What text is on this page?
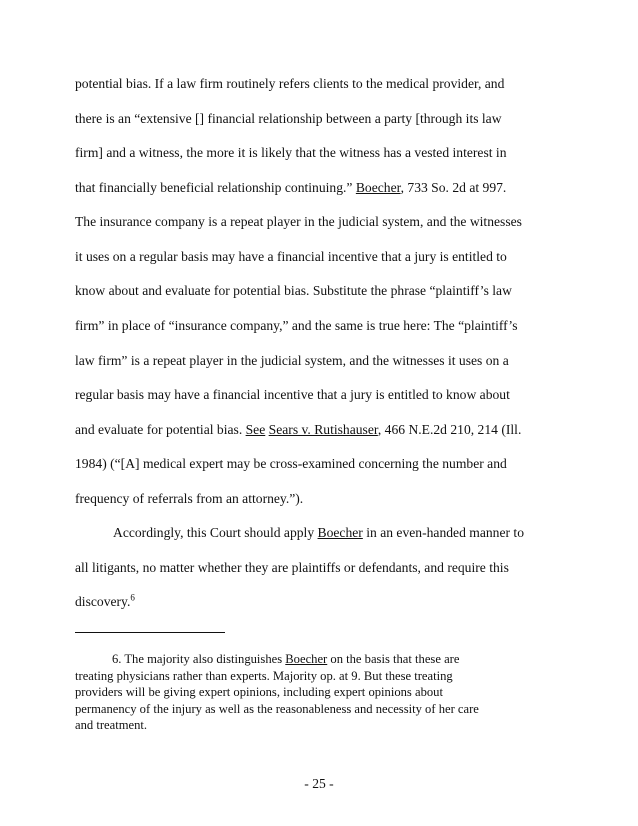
potential bias. If a law firm routinely refers clients to the medical provider, and

there is an “extensive [] financial relationship between a party [through its law

firm] and a witness, the more it is likely that the witness has a vested interest in

that financially beneficial relationship continuing.” Boecher, 733 So. 2d at 997.

The insurance company is a repeat player in the judicial system, and the witnesses

it uses on a regular basis may have a financial incentive that a jury is entitled to

know about and evaluate for potential bias. Substitute the phrase “plaintiff’s law

firm” in place of “insurance company,” and the same is true here: The “plaintiff’s

law firm” is a repeat player in the judicial system, and the witnesses it uses on a

regular basis may have a financial incentive that a jury is entitled to know about

and evaluate for potential bias. See Sears v. Rutishauser, 466 N.E.2d 210, 214 (Ill.

1984) (“[A] medical expert may be cross-examined concerning the number and

frequency of referrals from an attorney.”).

Accordingly, this Court should apply Boecher in an even-handed manner to

all litigants, no matter whether they are plaintiffs or defendants, and require this

discovery.$^6$

6. The majority also distinguishes Boecher on the basis that these are
treating physicians rather than experts. Majority op. at 9. But these treating
providers will be giving expert opinions, including expert opinions about
permanency of the injury as well as the reasonableness and necessity of her care
and treatment.

- 25 -
